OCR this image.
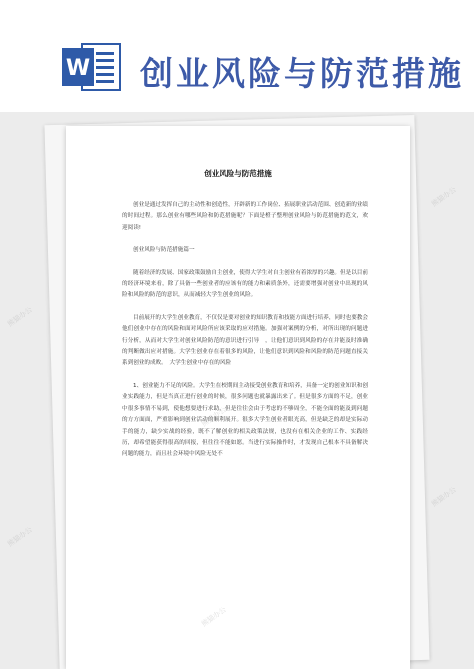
W 创业风险与防范措施
创业风险与防范措施

创业是通过发挥自己的主动性和创造性，开辟新的工作岗位、拓展职业活动范围、创造新的业绩的时间过程。那么创业有哪些风险和防范措施呢？下面是橙子整理创业风险与防范措施的范文，欢迎阅读!

创业风险与防范措施篇一

随着经济的发展、国家政策鼓励自主创业，使得大学生对自主创业有着浓厚的兴趣。但是以目前的经济环境来看，除了具备一些创业者的应该有的能力和素质条外，还需要增强对创业中出现的风险和风险的防范的意识，从而减轻大学生创业的风险。

目前展开的大学生创业教育，不仅仅是要对创业的知识教育和技能方面进行培养，同时也要教会他们创业中存在的风险和面对风险所应该采取的应对措施。加强对案例的分析，对所出现的问题进行分析，从而对大学生对创业风险防范的意识进行引导　，让他们意识到风险的存在并能及时准确的判断做出应对措施。大学生创业存在着很多的风险，让他们意识到风险和风险的防范问题直接关系到创业的成败。　大学生创业中存在的风险

1、创业能力不足的风险。大学生在校期间主动接受创业教育和培养，具备一定的创业知识和创业实践能力，但是当真正进行创业的时候，很多问题也就暴露出来了。但是很多方面的不足，创业中很多事情不易到，使他想要进行求助，但是往往会由于考虑的不够周全，不能全面的能及到问题的方方面面，严重影响到创业活动的顺利展开。很多大学生创业者眼光高，但是缺乏的却是实际动手的能力，缺少实战的经验，既不了解创业的相关政策法规，也没有在相关企业的工作、实践经历，却希望能获得很高的回报，但往往不能如愿。当进行实际操作时，才发现自己根本不具备解决问题的能力，而且社会环境中风险无处不

熊猫办公
熊猫办公
熊猫办公
熊猫办公
熊猫办公
熊猫办公
